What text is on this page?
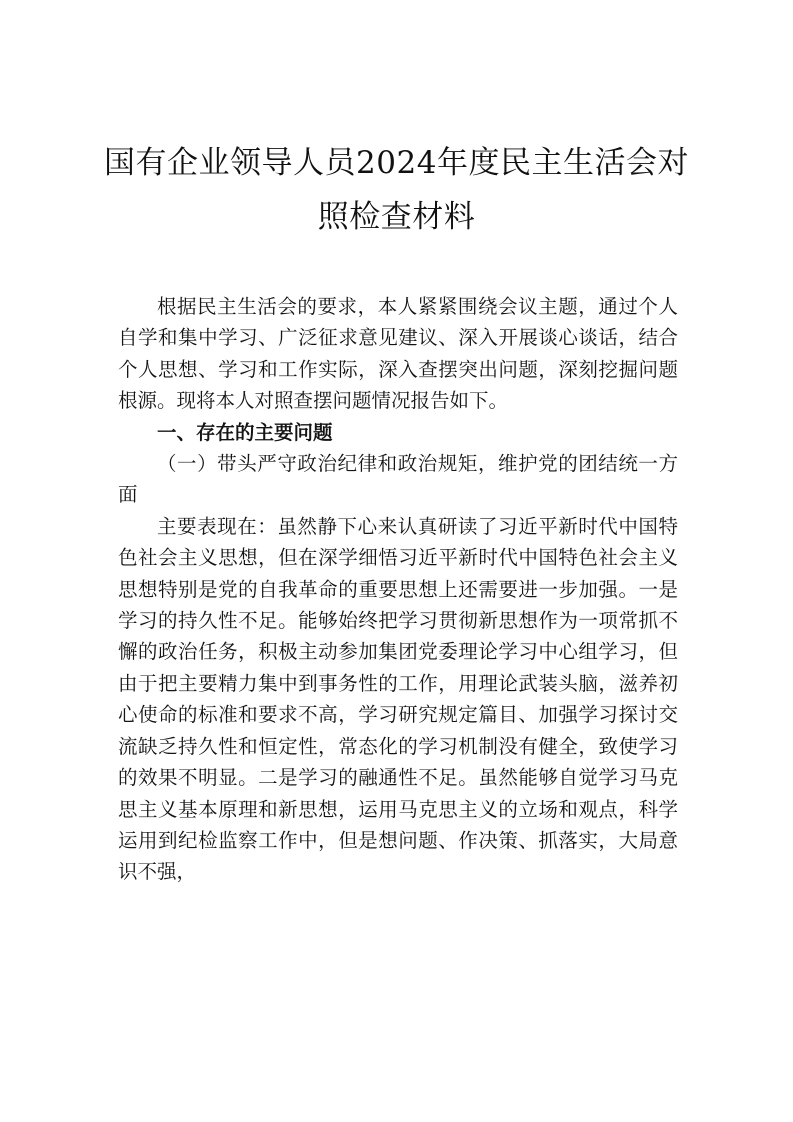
国有企业领导人员2024年度民主生活会对
照检查材料

根据民主生活会的要求，本人紧紧围绕会议主题，通过个人自学和集中学习、广泛征求意见建议、深入开展谈心谈话，结合个人思想、学习和工作实际，深入查摆突出问题，深刻挖掘问题根源。现将本人对照查摆问题情况报告如下。

一、存在的主要问题

（一）带头严守政治纪律和政治规矩，维护党的团结统一方面

主要表现在：虽然静下心来认真研读了习近平新时代中国特色社会主义思想，但在深学细悟习近平新时代中国特色社会主义思想特别是党的自我革命的重要思想上还需要进一步加强。一是学习的持久性不足。能够始终把学习贯彻新思想作为一项常抓不懈的政治任务，积极主动参加集团党委理论学习中心组学习，但由于把主要精力集中到事务性的工作，用理论武装头脑，滋养初心使命的标准和要求不高，学习研究规定篇目、加强学习探讨交流缺乏持久性和恒定性，常态化的学习机制没有健全，致使学习的效果不明显。二是学习的融通性不足。虽然能够自觉学习马克思主义基本原理和新思想，运用马克思主义的立场和观点，科学运用到纪检监察工作中，但是想问题、作决策、抓落实，大局意识不强，
